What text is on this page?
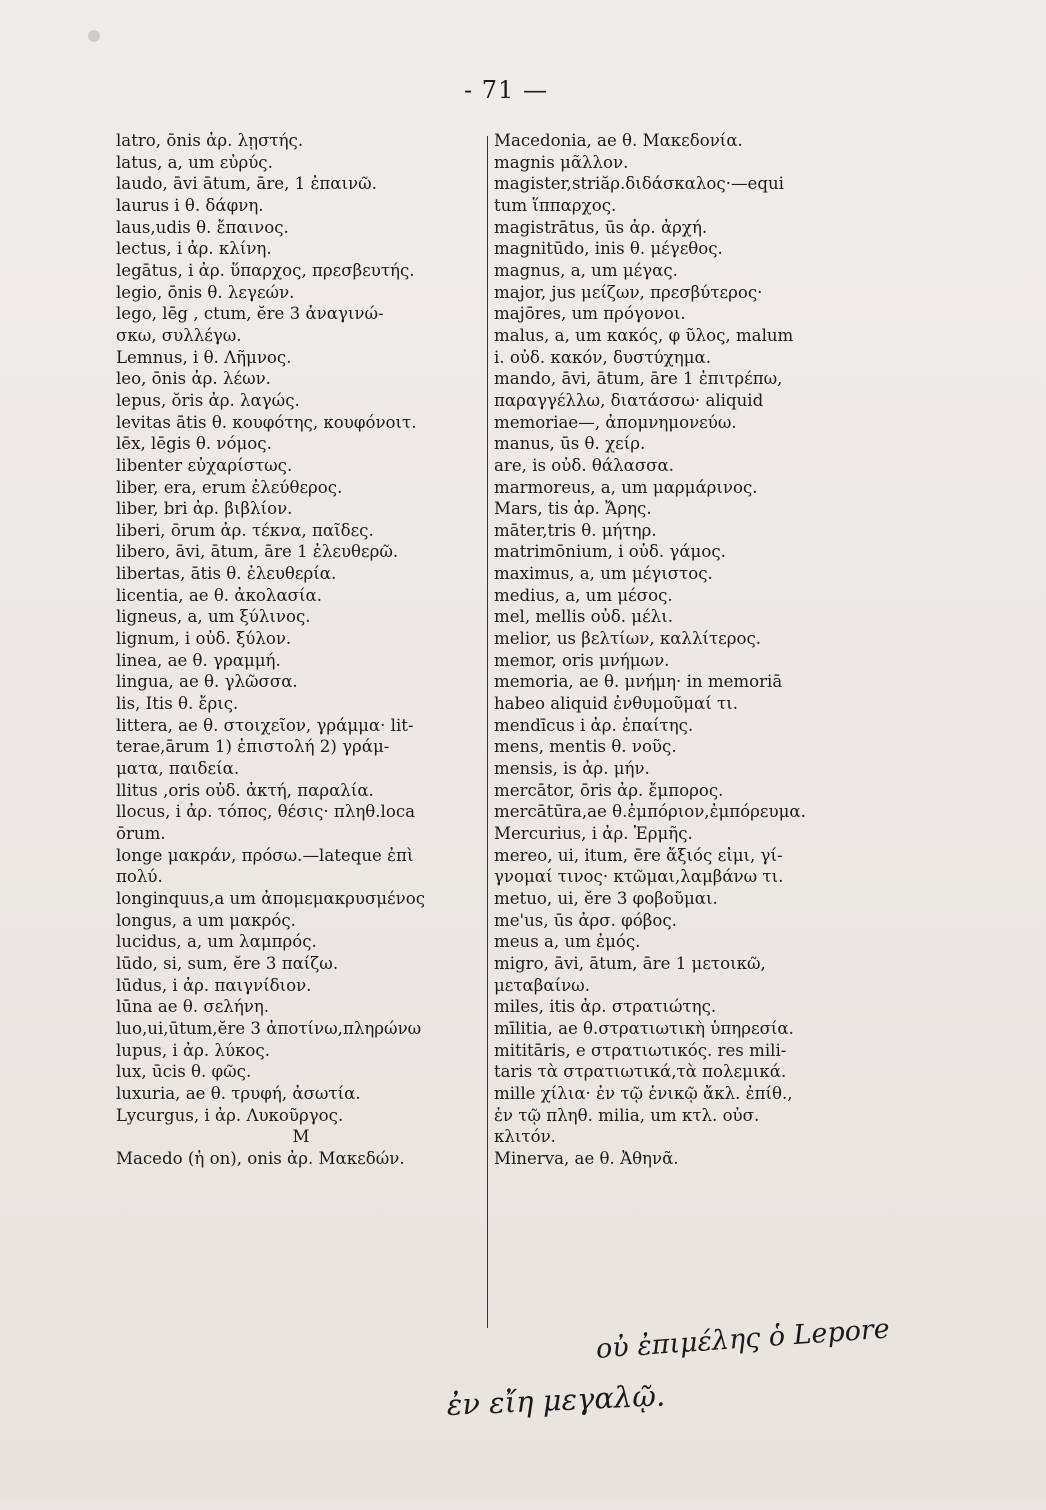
- 71 —
latro, ōnis ἀρ. λῃστής.
latus, a, um εὐρύς.
laudo, āvi ātum, āre, 1 ἐπαινῶ.
laurus i θ. δάφνη.
laus,udis θ. ἔπαινος.
lectus, i ἀρ. κλίνη.
legātus, i ἀρ. ὕπαρχος, πρεσβευτής.
legio, ōnis θ. λεγεών.
lego, lēg , ctum, ĕre 3 ἀναγινώ-
σκω, συλλέγω.
Lemnus, i θ. Λῆμνος.
leo, ōnis ἀρ. λέων.
lepus, ŏris ἀρ. λαγώς.
levitas ātis θ. κουφότης, κουφόνοιτ.
lēx, lēgis θ. νόμος.
libenter εὐχαρίστως.
liber, era, erum ἐλεύθερος.
liber, bri ἀρ. βιβλίον.
liberi, ōrum ἀρ. τέκνα, παῖδες.
libero, āvi, ātum, āre 1 ἐλευθερῶ.
libertas, ātis θ. ἐλευθερία.
licentia, ae θ. ἀκολασία.
ligneus, a, um ξύλινος.
lignum, i οὐδ. ξύλον.
linea, ae θ. γραμμή.
lingua, ae θ. γλῶσσα.
lis, Itis θ. ἔρις.
littera, ae θ. στοιχεῖον, γράμμα· lit-
terae,ārum 1) ἐπιστολή 2) γράμ-
ματα, παιδεία.
llitus ,oris οὐδ. ἀκτή, παραλία.
llocus, i ἀρ. τόπος, θέσις· πληθ.loca
ōrum.
longe μακράν, πρόσω.—lateque ἐπὶ
πολύ.
longinquus,a um ἀπομεμακρυσμένος
longus, a um μακρός.
lucidus, a, um λαμπρός.
lūdo, si, sum, ĕre 3 παίζω.
lūdus, i ἀρ. παιγνίδιον.
lūna ae θ. σελήνη.
luo,ui,ūtum,ĕre 3 ἀποτίνω,πληρώνω
lupus, i ἀρ. λύκος.
lux, ūcis θ. φῶς.
luxuria, ae θ. τρυφή, ἀσωτία.
Lycurgus, i ἀρ. Λυκοῦργος.
M
Macedo (ἡ on), onis ἀρ. Μακεδών.
Macedonia, ae θ. Μακεδονία.
magnis μᾶλλον.
magister,striăρ.διδάσκαλος·—equi
tum ἵππαρχος.
magistrātus, ūs ἀρ. ἀρχή.
magnitūdo, inis θ. μέγεθος.
magnus, a, um μέγας.
major, jus μείζων, πρεσβύτερος·
majōres, um πρόγονοι.
malus, a, um κακός, φ ῦλος, malum
i. οὐδ. κακόν, δυστύχημα.
mando, āvi, ātum, āre 1 ἐπιτρέπω,
παραγγέλλω, διατάσσω· aliquid
memoriae—, ἀπομνημονεύω.
manus, ūs θ. χείρ.
are, is οὐδ. θάλασσα.
marmoreus, a, um μαρμάρινος.
Mars, tis ἀρ. Ἄρης.
māter,tris θ. μήτηρ.
matrimōnium, i οὐδ. γάμος.
maximus, a, um μέγιστος.
medius, a, um μέσος.
mel, mellis οὐδ. μέλι.
melior, us βελτίων, καλλίτερος.
memor, oris μνήμων.
memoria, ae θ. μνήμη· in memoriā
habeo aliquid ἐνθυμοῦμαί τι.
mendīcus i ἀρ. ἐπαίτης.
mens, mentis θ. νοῦς.
mensis, is ἀρ. μήν.
mercātor, ōris ἀρ. ἔμπορος.
mercātūra,ae θ.ἐμπόριον,ἐμπόρευμα.
Mercurius, i ἀρ. Ἑρμῆς.
mereo, ui, itum, ēre ἄξιός εἰμι, γί-
γνομαί τινος· κτῶμαι,λαμβάνω τι.
metuo, ui, ĕre 3 φοβοῦμαι.
me'us, ūs ἀρσ. φόβος.
meus a, um ἐμός.
migro, āvi, ātum, āre 1 μετοικῶ,
μεταβαίνω.
miles, itis ἀρ. στρατιώτης.
mīlitia, ae θ.στρατιωτικὴ ὑπηρεσία.
mititāris, e στρατιωτικός. res mili-
taris τὰ στρατιωτικά,τὰ πολεμικά.
mille χίλια· ἐν τῷ ἑνικῷ ἄκλ. ἐπίθ.,
ἐν τῷ πληθ. milia, um κτλ. οὐσ.
κλιτόν.
Minerva, ae θ. Ἀθηνᾶ.
οὐ ἐπιμέλης ὁ Lepore
ἐν εἴη μεγαλῷ.
